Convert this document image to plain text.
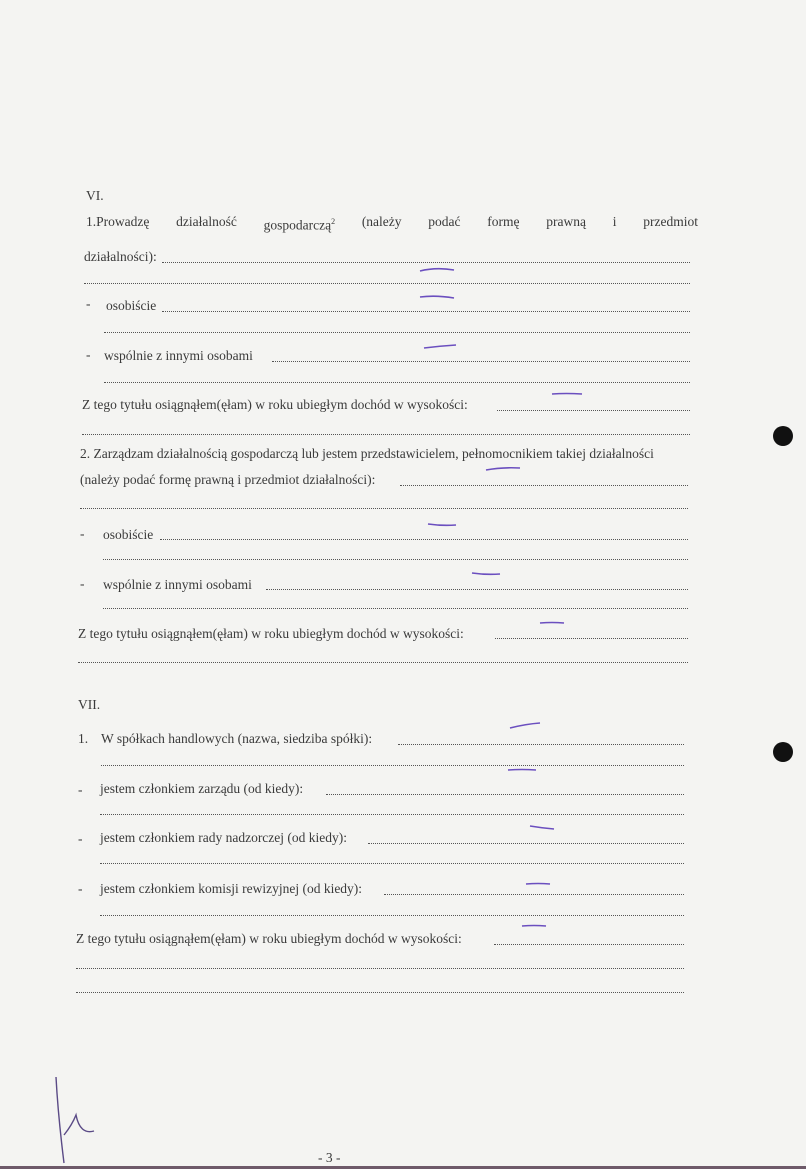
VI.
1.Prowadzę działalność gospodarczą$^2$ (należy podać formę prawną i przedmiot
działalności):
- osobiście
- wspólnie z innymi osobami
Z tego tytułu osiągnąłem(ęłam) w roku ubiegłym dochód w wysokości:
2. Zarządzam działalnością gospodarczą lub jestem przedstawicielem, pełnomocnikiem takiej działalności
(należy podać formę prawną i przedmiot działalności):
- osobiście
- wspólnie z innymi osobami
Z tego tytułu osiągnąłem(ęłam) w roku ubiegłym dochód w wysokości:
VII.
1. W spółkach handlowych (nazwa, siedziba spółki):
- jestem członkiem zarządu (od kiedy):
- jestem członkiem rady nadzorczej (od kiedy):
- jestem członkiem komisji rewizyjnej (od kiedy):
Z tego tytułu osiągnąłem(ęłam) w roku ubiegłym dochód w wysokości:
- 3 -
